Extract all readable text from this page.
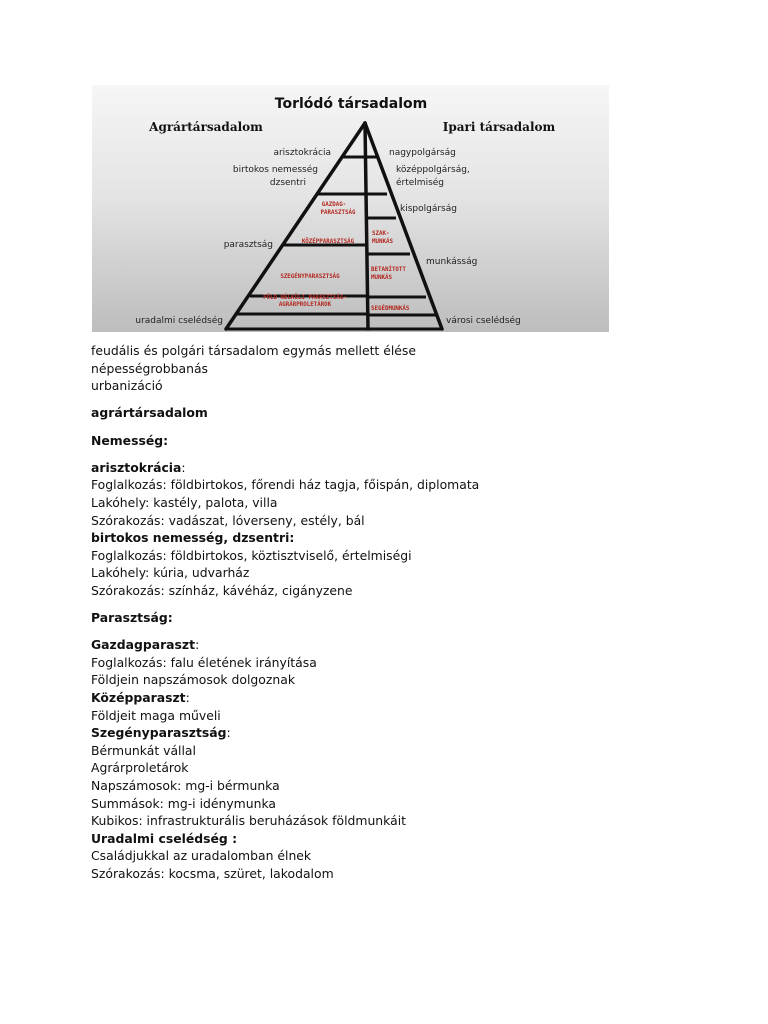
Torlódó társadalom
Agrártársadalom	Ipari társadalom
arisztokrácia
birtokos nemesség
dzsentri
parasztság
uradalmi cselédség
nagypolgárság
középpolgárság,
értelmiség
kispolgárság
munkásság
városi cselédség
GAZDAG-
PARASZTSÁG
KÖZÉPPARASZTSÁG
SZEGÉNYPARASZTSÁG
FÖLD NÉLKÜLI PARASZTSÁG-
AGRÁRPROLETÁROK
SZAK-
MUNKÁS
BETANÍTOTT
MUNKÁS
SEGÉDMUNKÁS
feudális és polgári társadalom egymás mellett élése
népességrobbanás
urbanizáció
agrártársadalom
Nemesség:
arisztokrácia:
Foglalkozás: földbirtokos, főrendi ház tagja, főispán, diplomata
Lakóhely: kastély, palota, villa
Szórakozás: vadászat, lóverseny, estély, bál
birtokos nemesség, dzsentri:
Foglalkozás: földbirtokos, köztisztviselő, értelmiségi
Lakóhely: kúria, udvarház
Szórakozás: színház, kávéház, cigányzene
Parasztság:
Gazdagparaszt:
Foglalkozás: falu életének irányítása
Földjein napszámosok dolgoznak
Középparaszt:
Földjeit maga műveli
Szegényparasztság:
Bérmunkát vállal
Agrárproletárok
Napszámosok: mg-i bérmunka
Summások: mg-i idénymunka
Kubikos: infrastrukturális beruházások földmunkáit
Uradalmi cselédség :
Családjukkal az uradalomban élnek
Szórakozás: kocsma, szüret, lakodalom
